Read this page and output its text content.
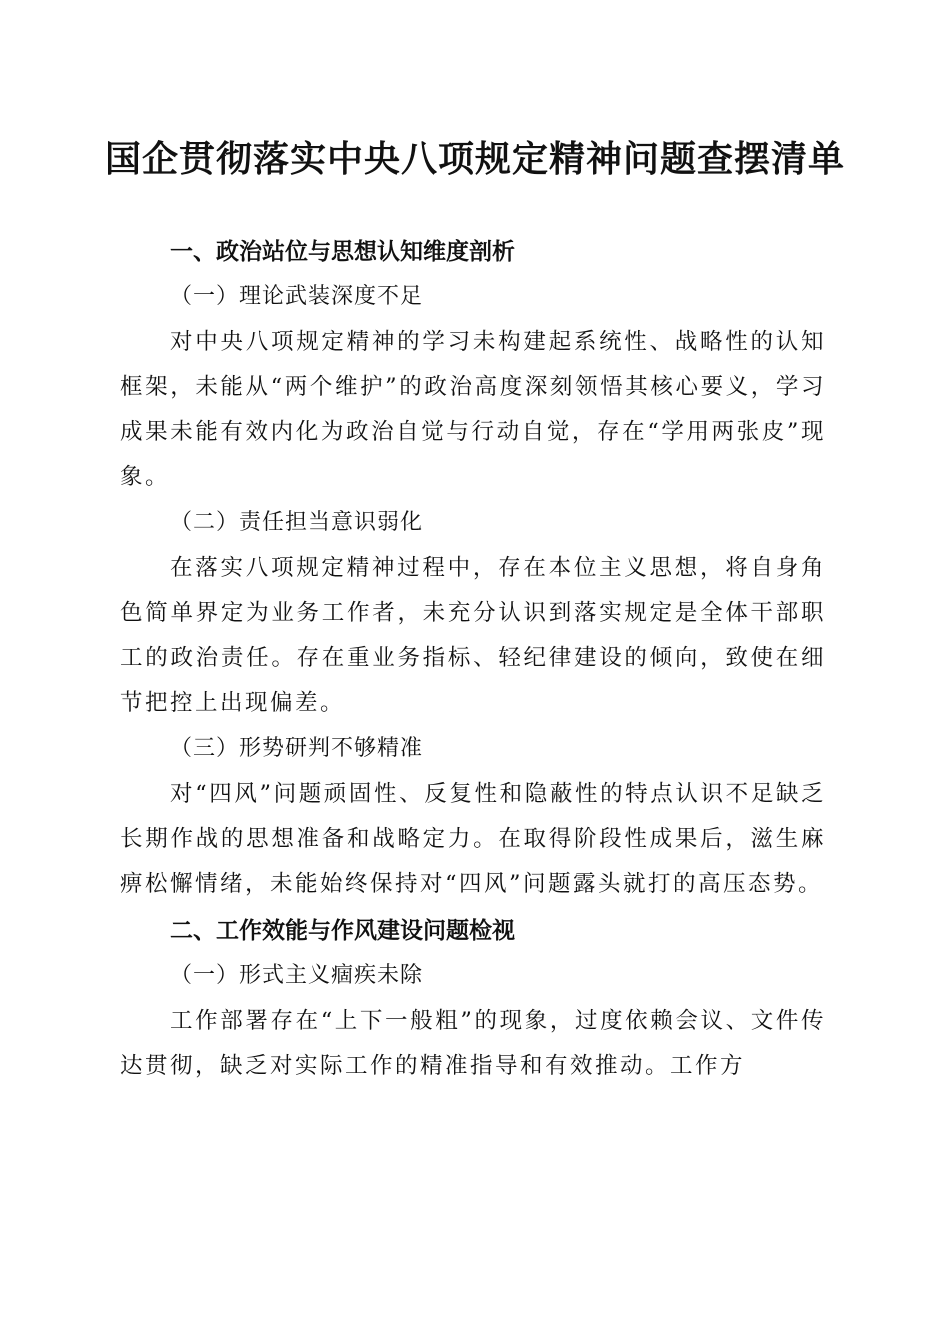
国企贯彻落实中央八项规定精神问题查摆清单
一、政治站位与思想认知维度剖析
（一）理论武装深度不足

对中央八项规定精神的学习未构建起系统性、战略性的认知框架，未能从“两个维护”的政治高度深刻领悟其核心要义，学习成果未能有效内化为政治自觉与行动自觉，存在“学用两张皮”现象。

（二）责任担当意识弱化

在落实八项规定精神过程中，存在本位主义思想，将自身角色简单界定为业务工作者，未充分认识到落实规定是全体干部职工的政治责任。存在重业务指标、轻纪律建设的倾向，致使在细节把控上出现偏差。

（三）形势研判不够精准

对“四风”问题顽固性、反复性和隐蔽性的特点认识不足缺乏长期作战的思想准备和战略定力。在取得阶段性成果后，滋生麻痹松懈情绪，未能始终保持对“四风”问题露头就打的高压态势。

二、工作效能与作风建设问题检视
（一）形式主义痼疾未除

工作部署存在“上下一般粗”的现象，过度依赖会议、文件传达贯彻，缺乏对实际工作的精准指导和有效推动。工作方
